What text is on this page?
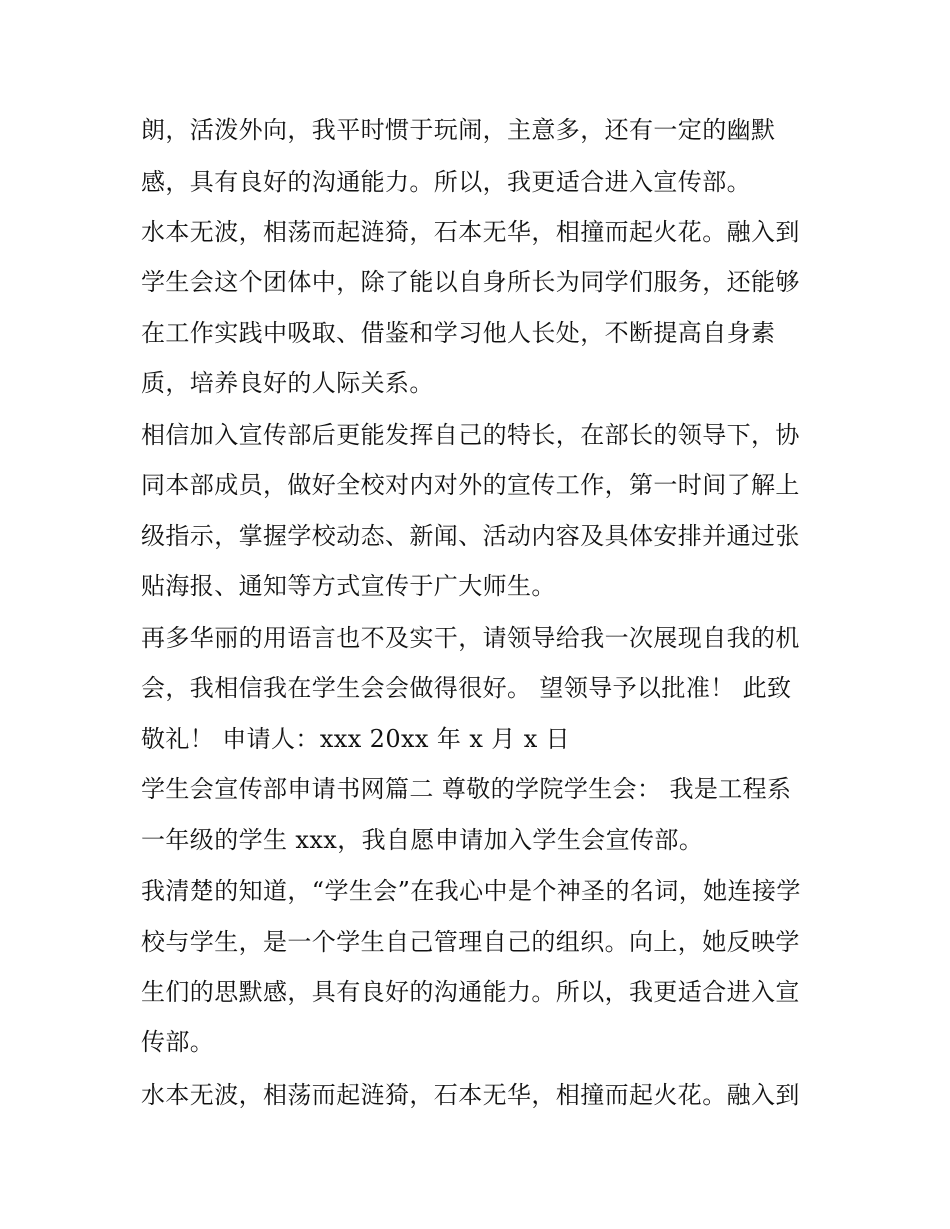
朗，活泼外向，我平时惯于玩闹，主意多，还有一定的幽默
感，具有良好的沟通能力。所以，我更适合进入宣传部。
水本无波，相荡而起涟猗，石本无华，相撞而起火花。融入到
学生会这个团体中，除了能以自身所长为同学们服务，还能够
在工作实践中吸取、借鉴和学习他人长处，不断提高自身素
质，培养良好的人际关系。
相信加入宣传部后更能发挥自己的特长，在部长的领导下，协
同本部成员，做好全校对内对外的宣传工作，第一时间了解上
级指示，掌握学校动态、新闻、活动内容及具体安排并通过张
贴海报、通知等方式宣传于广大师生。
再多华丽的用语言也不及实干，请领导给我一次展现自我的机
会，我相信我在学生会会做得很好。 望领导予以批准！ 此致
敬礼！ 申请人：xxx 20xx 年 x 月 x 日
学生会宣传部申请书网篇二 尊敬的学院学生会： 我是工程系
一年级的学生 xxx，我自愿申请加入学生会宣传部。
我清楚的知道，“学生会”在我心中是个神圣的名词，她连接学
校与学生，是一个学生自己管理自己的组织。向上，她反映学
生们的思默感，具有良好的沟通能力。所以，我更适合进入宣
传部。
水本无波，相荡而起涟猗，石本无华，相撞而起火花。融入到
